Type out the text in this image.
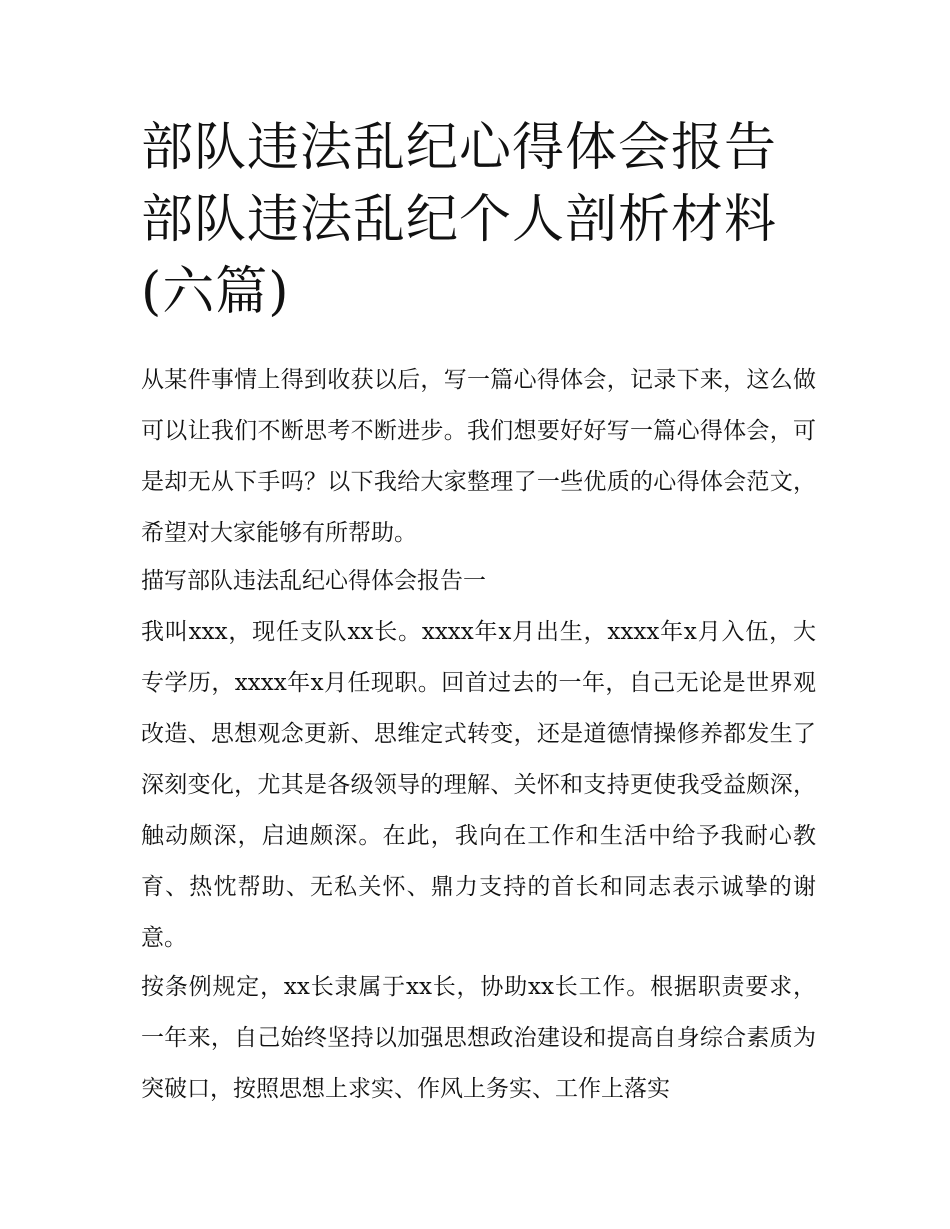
部队违法乱纪心得体会报告 部队违法乱纪个人剖析材料(六篇)

从某件事情上得到收获以后，写一篇心得体会，记录下来，这么做可以让我们不断思考不断进步。我们想要好好写一篇心得体会，可是却无从下手吗？以下我给大家整理了一些优质的心得体会范文，希望对大家能够有所帮助。

描写部队违法乱纪心得体会报告一

我叫xxx，现任支队xx长。xxxx年x月出生，xxxx年x月入伍，大专学历，xxxx年x月任现职。回首过去的一年，自己无论是世界观改造、思想观念更新、思维定式转变，还是道德情操修养都发生了深刻变化，尤其是各级领导的理解、关怀和支持更使我受益颇深，触动颇深，启迪颇深。在此，我向在工作和生活中给予我耐心教育、热忱帮助、无私关怀、鼎力支持的首长和同志表示诚挚的谢意。

按条例规定，xx长隶属于xx长，协助xx长工作。根据职责要求，一年来，自己始终坚持以加强思想政治建设和提高自身综合素质为突破口，按照思想上求实、作风上务实、工作上落实
